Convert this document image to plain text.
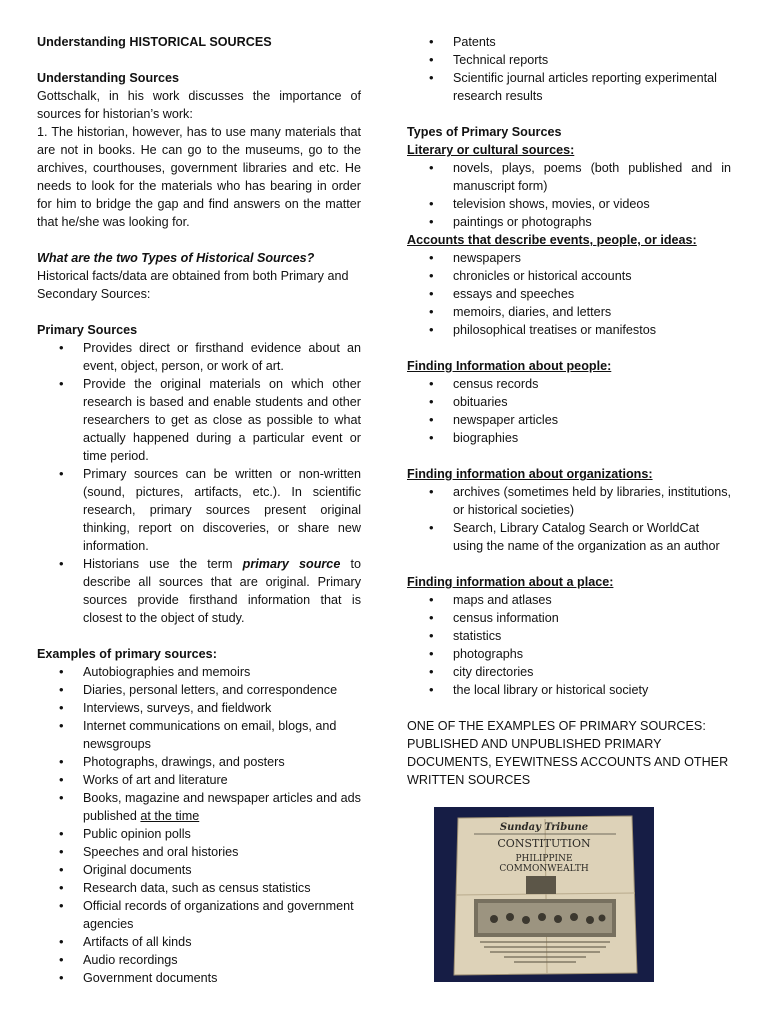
Understanding HISTORICAL SOURCES

Understanding Sources

Gottschalk, in his work discusses the importance of sources for historian’s work:

1. The historian, however, has to use many materials that are not in books. He can go to the museums, go to the archives, courthouses, government libraries and etc. He needs to look for the materials who has bearing in order for him to bridge the gap and find answers on the matter that he/she was looking for.

What are the two Types of Historical Sources?

Historical facts/data are obtained from both Primary and Secondary Sources:

Primary Sources

• Provides direct or firsthand evidence about an event, object, person, or work of art.
• Provide the original materials on which other research is based and enable students and other researchers to get as close as possible to what actually happened during a particular event or time period.
• Primary sources can be written or non-written (sound, pictures, artifacts, etc.). In scientific research, primary sources present original thinking, report on discoveries, or share new information.
• Historians use the term primary source to describe all sources that are original. Primary sources provide firsthand information that is closest to the object of study.

Examples of primary sources:

• Autobiographies and memoirs
• Diaries, personal letters, and correspondence
• Interviews, surveys, and fieldwork
• Internet communications on email, blogs, and newsgroups
• Photographs, drawings, and posters
• Works of art and literature
• Books, magazine and newspaper articles and ads published at the time
• Public opinion polls
• Speeches and oral histories
• Original documents
• Research data, such as census statistics
• Official records of organizations and government agencies
• Artifacts of all kinds
• Audio recordings
• Government documents
• Patents
• Technical reports
• Scientific journal articles reporting experimental research results

Types of Primary Sources

Literary or cultural sources:

• novels, plays, poems (both published and in manuscript form)
• television shows, movies, or videos
• paintings or photographs

Accounts that describe events, people, or ideas:

• newspapers
• chronicles or historical accounts
• essays and speeches
• memoirs, diaries, and letters
• philosophical treatises or manifestos

Finding Information about people:

• census records
• obituaries
• newspaper articles
• biographies

Finding information about organizations:

• archives (sometimes held by libraries, institutions, or historical societies)
• Search, Library Catalog Search or WorldCat using the name of the organization as an author

Finding information about a place:

• maps and atlases
• census information
• statistics
• photographs
• city directories
• the local library or historical society

ONE OF THE EXAMPLES OF PRIMARY SOURCES: PUBLISHED AND UNPUBLISHED PRIMARY DOCUMENTS, EYEWITNESS ACCOUNTS AND OTHER WRITTEN SOURCES

Sunday Tribune
CONSTITUTION
PHILIPPINE
COMMONWEALTH
